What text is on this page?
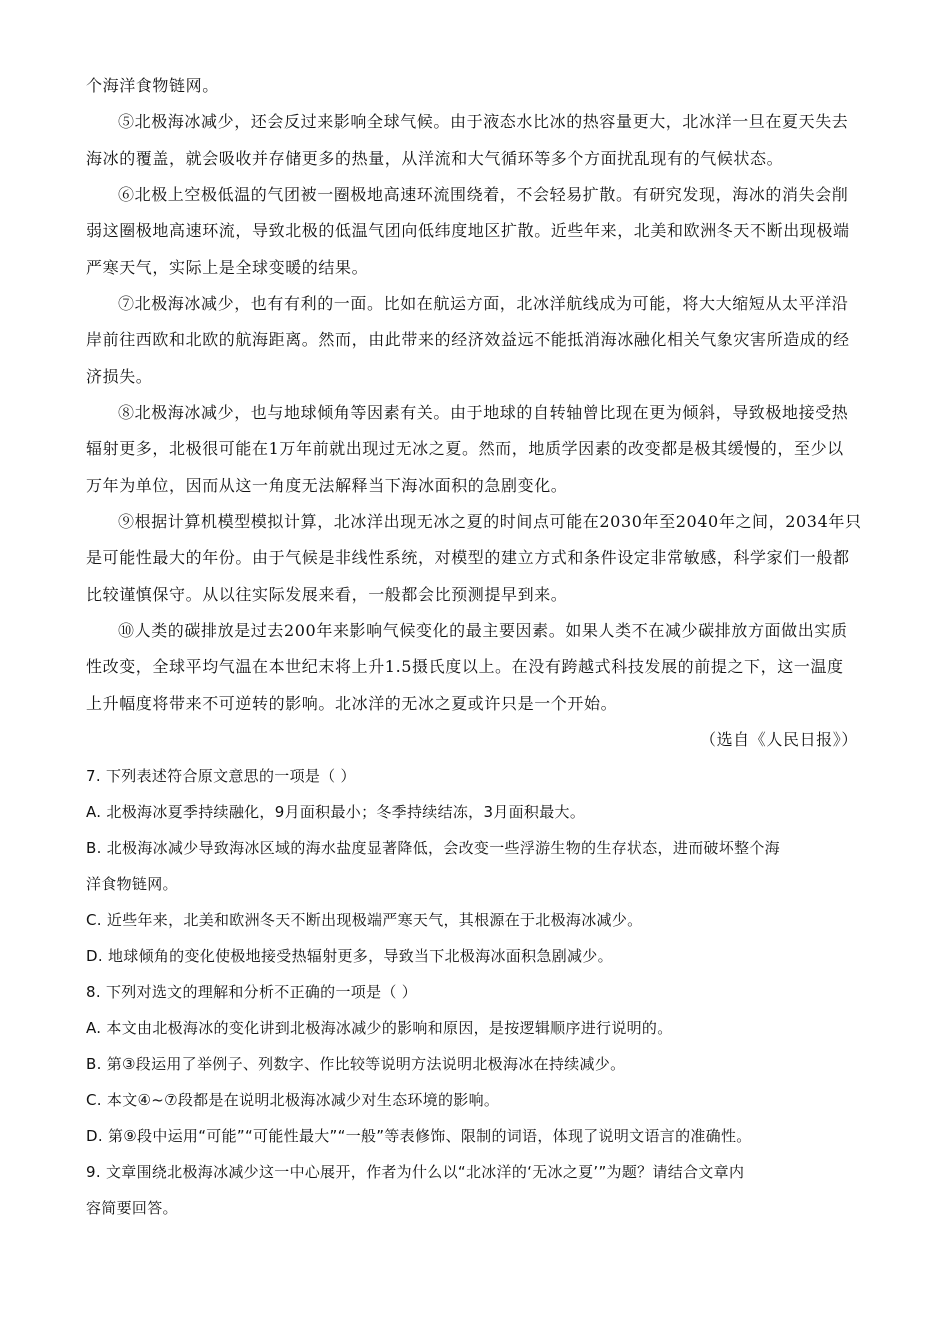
个海洋食物链网。
⑤北极海冰减少，还会反过来影响全球气候。由于液态水比冰的热容量更大，北冰洋一旦在夏天失去
海冰的覆盖，就会吸收并存储更多的热量，从洋流和大气循环等多个方面扰乱现有的气候状态。
⑥北极上空极低温的气团被一圈极地高速环流围绕着，不会轻易扩散。有研究发现，海冰的消失会削
弱这圈极地高速环流，导致北极的低温气团向低纬度地区扩散。近些年来，北美和欧洲冬天不断出现极端
严寒天气，实际上是全球变暖的结果。
⑦北极海冰减少，也有有利的一面。比如在航运方面，北冰洋航线成为可能，将大大缩短从太平洋沿
岸前往西欧和北欧的航海距离。然而，由此带来的经济效益远不能抵消海冰融化相关气象灾害所造成的经
济损失。
⑧北极海冰减少，也与地球倾角等因素有关。由于地球的自转轴曾比现在更为倾斜，导致极地接受热
辐射更多，北极很可能在1万年前就出现过无冰之夏。然而，地质学因素的改变都是极其缓慢的，至少以
万年为单位，因而从这一角度无法解释当下海冰面积的急剧变化。
⑨根据计算机模型模拟计算，北冰洋出现无冰之夏的时间点可能在2030年至2040年之间，2034年只
是可能性最大的年份。由于气候是非线性系统，对模型的建立方式和条件设定非常敏感，科学家们一般都
比较谨慎保守。从以往实际发展来看，一般都会比预测提早到来。
⑩人类的碳排放是过去200年来影响气候变化的最主要因素。如果人类不在减少碳排放方面做出实质
性改变，全球平均气温在本世纪末将上升1.5摄氏度以上。在没有跨越式科技发展的前提之下，这一温度
上升幅度将带来不可逆转的影响。北冰洋的无冰之夏或许只是一个开始。
（选自《人民日报》）
7. 下列表述符合原文意思的一项是（ ）
A. 北极海冰夏季持续融化，9月面积最小；冬季持续结冻，3月面积最大。
B. 北极海冰减少导致海冰区域的海水盐度显著降低，会改变一些浮游生物的生存状态，进而破坏整个海
洋食物链网。
C. 近些年来，北美和欧洲冬天不断出现极端严寒天气，其根源在于北极海冰减少。
D. 地球倾角的变化使极地接受热辐射更多，导致当下北极海冰面积急剧减少。
8. 下列对选文的理解和分析不正确的一项是（ ）
A. 本文由北极海冰的变化讲到北极海冰减少的影响和原因，是按逻辑顺序进行说明的。
B. 第③段运用了举例子、列数字、作比较等说明方法说明北极海冰在持续减少。
C. 本文④~⑦段都是在说明北极海冰减少对生态环境的影响。
D. 第⑨段中运用“可能”“可能性最大”“一般”等表修饰、限制的词语，体现了说明文语言的准确性。
9. 文章围绕北极海冰减少这一中心展开，作者为什么以“北冰洋的‘无冰之夏’”为题？请结合文章内
容简要回答。
